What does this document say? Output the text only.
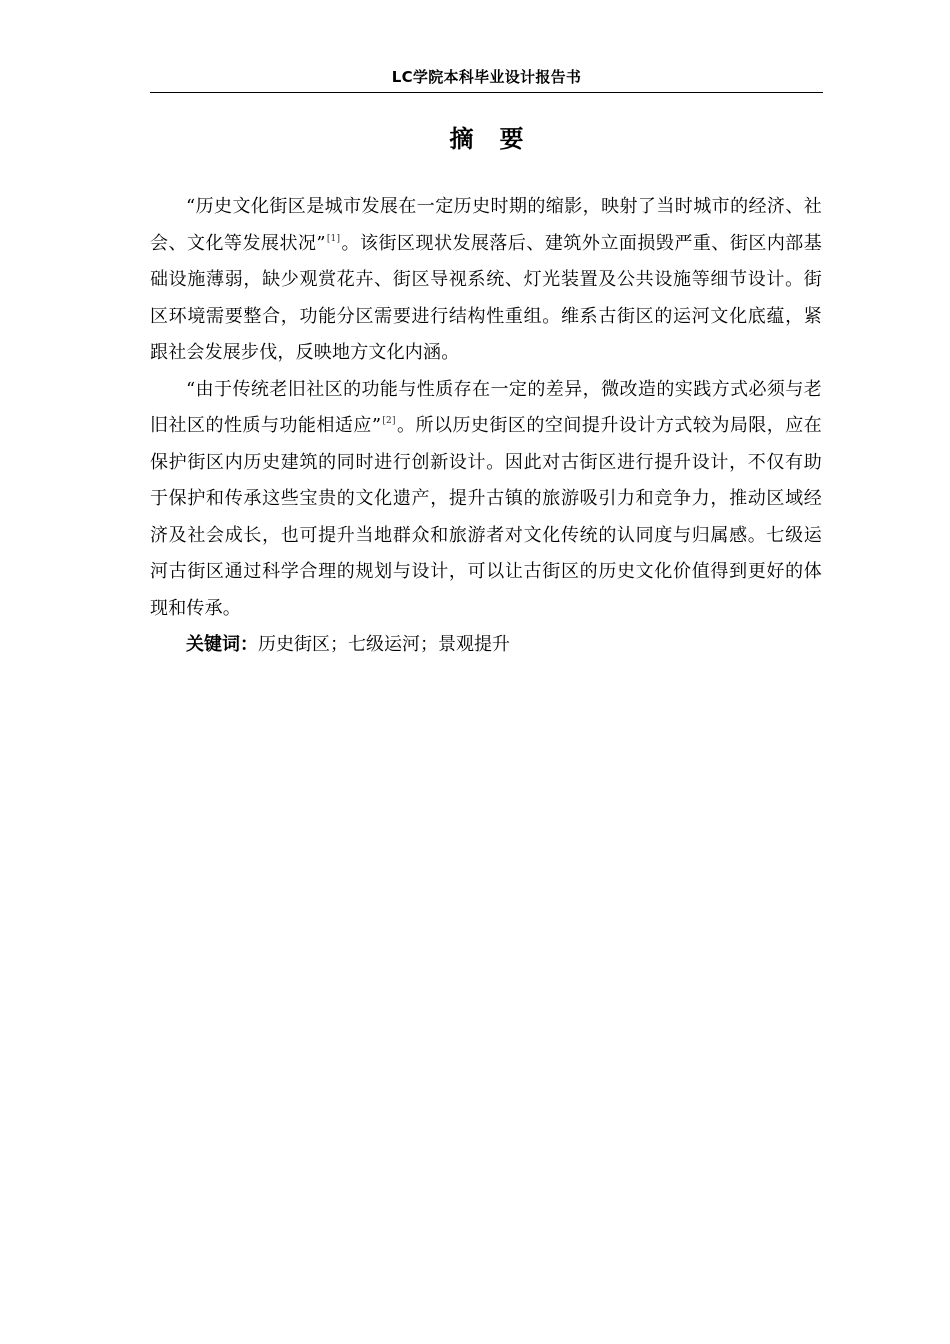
LC学院本科毕业设计报告书
摘 要

“历史文化街区是城市发展在一定历史时期的缩影，映射了当时城市的经济、社会、文化等发展状况”[1]。该街区现状发展落后、建筑外立面损毁严重、街区内部基础设施薄弱，缺少观赏花卉、街区导视系统、灯光装置及公共设施等细节设计。街区环境需要整合，功能分区需要进行结构性重组。维系古街区的运河文化底蕴，紧跟社会发展步伐，反映地方文化内涵。

“由于传统老旧社区的功能与性质存在一定的差异，微改造的实践方式必须与老旧社区的性质与功能相适应”[2]。所以历史街区的空间提升设计方式较为局限，应在保护街区内历史建筑的同时进行创新设计。因此对古街区进行提升设计，不仅有助于保护和传承这些宝贵的文化遗产，提升古镇的旅游吸引力和竞争力，推动区域经济及社会成长，也可提升当地群众和旅游者对文化传统的认同度与归属感。七级运河古街区通过科学合理的规划与设计，可以让古街区的历史文化价值得到更好的体现和传承。

关键词：历史街区；七级运河；景观提升
